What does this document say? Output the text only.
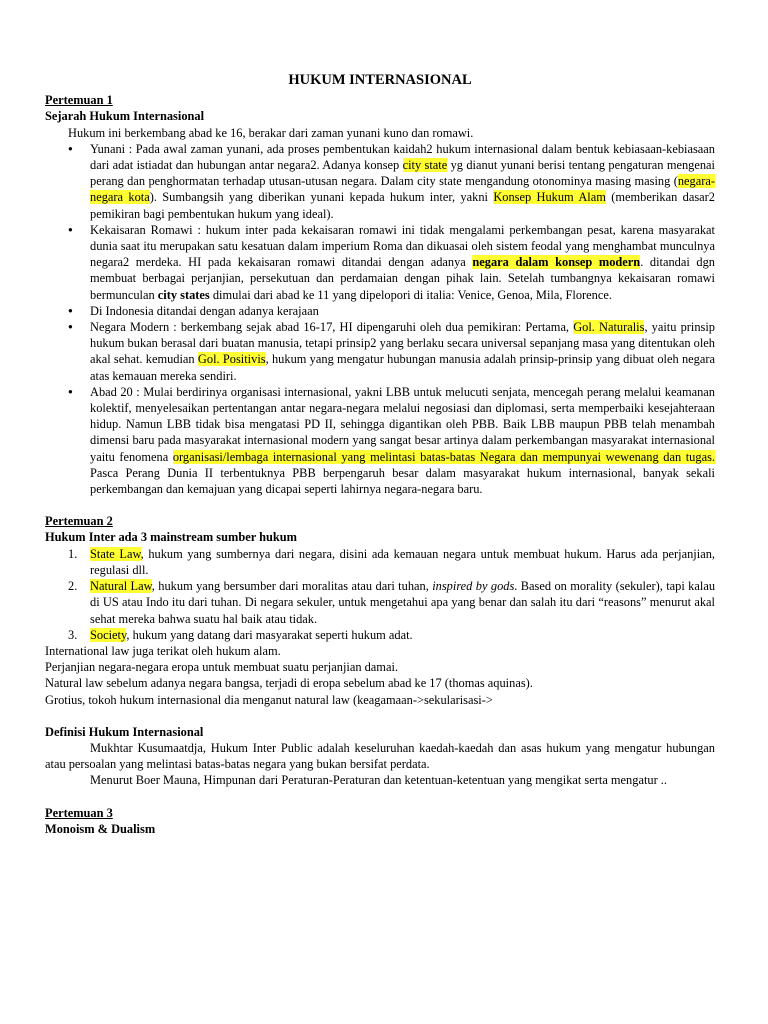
HUKUM INTERNASIONAL
Pertemuan 1
Sejarah Hukum Internasional

Hukum ini berkembang abad ke 16, berakar dari zaman yunani kuno dan romawi.

● Yunani : Pada awal zaman yunani, ada proses pembentukan kaidah2 hukum internasional dalam bentuk kebiasaan-kebiasaan dari adat istiadat dan hubungan antar negara2. Adanya konsep city state yg dianut yunani berisi tentang pengaturan mengenai perang dan penghormatan terhadap utusan-utusan negara. Dalam city state mengandung otonominya masing masing (negara-negara kota). Sumbangsih yang diberikan yunani kepada hukum inter, yakni Konsep Hukum Alam (memberikan dasar2 pemikiran bagi pembentukan hukum yang ideal).
● Kekaisaran Romawi : hukum inter pada kekaisaran romawi ini tidak mengalami perkembangan pesat, karena masyarakat dunia saat itu merupakan satu kesatuan dalam imperium Roma dan dikuasai oleh sistem feodal yang menghambat munculnya negara2 merdeka. HI pada kekaisaran romawi ditandai dengan adanya negara dalam konsep modern. ditandai dgn membuat berbagai perjanjian, persekutuan dan perdamaian dengan pihak lain. Setelah tumbangnya kekaisaran romawi bermunculan city states dimulai dari abad ke 11 yang dipelopori di italia: Venice, Genoa, Mila, Florence.
● Di Indonesia ditandai dengan adanya kerajaan
● Negara Modern : berkembang sejak abad 16-17, HI dipengaruhi oleh dua pemikiran: Pertama, Gol. Naturalis, yaitu prinsip hukum bukan berasal dari buatan manusia, tetapi prinsip2 yang berlaku secara universal sepanjang masa yang ditentukan oleh akal sehat. kemudian Gol. Positivis, hukum yang mengatur hubungan manusia adalah prinsip-prinsip yang dibuat oleh negara atas kemauan mereka sendiri.
● Abad 20 : Mulai berdirinya organisasi internasional, yakni LBB untuk melucuti senjata, mencegah perang melalui keamanan kolektif, menyelesaikan pertentangan antar negara-negara melalui negosiasi dan diplomasi, serta memperbaiki kesejahteraan hidup. Namun LBB tidak bisa mengatasi PD II, sehingga digantikan oleh PBB. Baik LBB maupun PBB telah menambah dimensi baru pada masyarakat internasional modern yang sangat besar artinya dalam perkembangan masyarakat internasional yaitu fenomena organisasi/lembaga internasional yang melintasi batas-batas Negara dan mempunyai wewenang dan tugas. Pasca Perang Dunia II terbentuknya PBB berpengaruh besar dalam masyarakat hukum internasional, banyak sekali perkembangan dan kemajuan yang dicapai seperti lahirnya negara-negara baru.
Pertemuan 2
Hukum Inter ada 3 mainstream sumber hukum
1. State Law, hukum yang sumbernya dari negara, disini ada kemauan negara untuk membuat hukum. Harus ada perjanjian, regulasi dll.
2. Natural Law, hukum yang bersumber dari moralitas atau dari tuhan, inspired by gods. Based on morality (sekuler), tapi kalau di US atau Indo itu dari tuhan. Di negara sekuler, untuk mengetahui apa yang benar dan salah itu dari “reasons” menurut akal sehat mereka bahwa suatu hal baik atau tidak.
3. Society, hukum yang datang dari masyarakat seperti hukum adat.

International law juga terikat oleh hukum alam.

Perjanjian negara-negara eropa untuk membuat suatu perjanjian damai.

Natural law sebelum adanya negara bangsa, terjadi di eropa sebelum abad ke 17 (thomas aquinas).

Grotius, tokoh hukum internasional dia menganut natural law (keagamaan->sekularisasi->

Definisi Hukum Internasional

Mukhtar Kusumaatdja, Hukum Inter Public adalah keseluruhan kaedah-kaedah dan asas hukum yang mengatur hubungan atau persoalan yang melintasi batas-batas negara yang bukan bersifat perdata.

Menurut Boer Mauna, Himpunan dari Peraturan-Peraturan dan ketentuan-ketentuan yang mengikat serta mengatur ..

Pertemuan 3
Monoism & Dualism
